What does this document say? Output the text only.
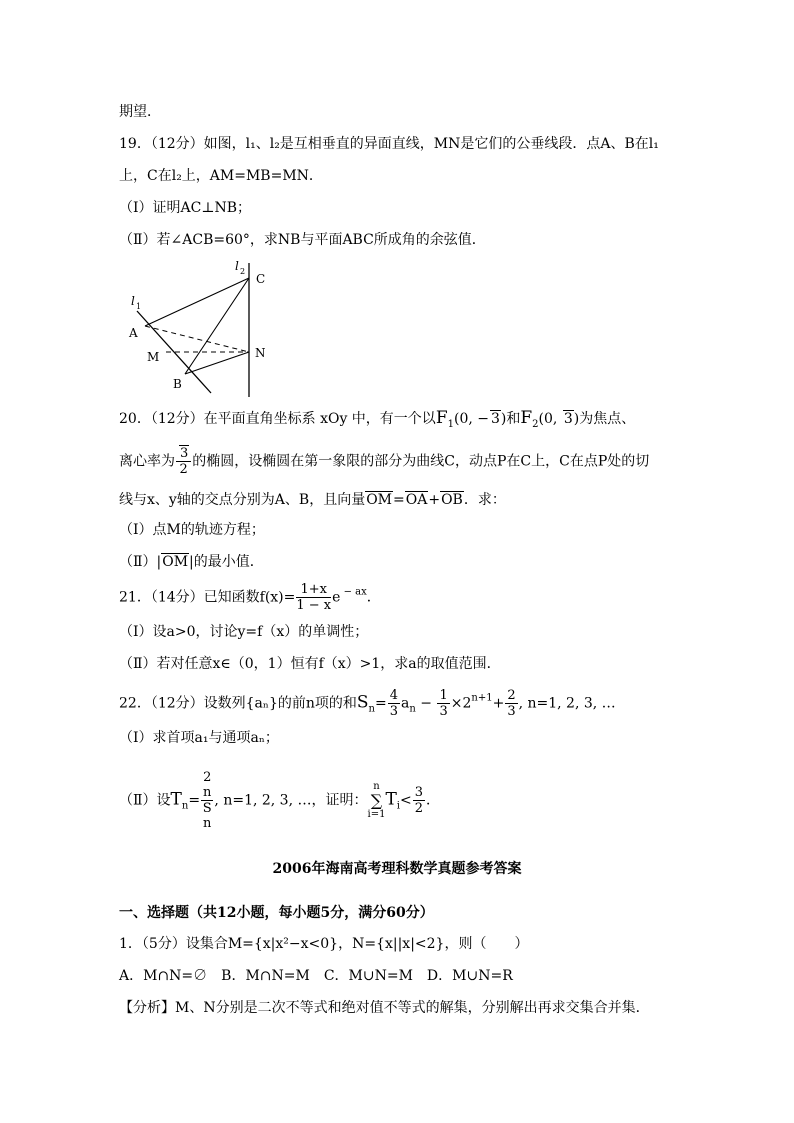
期望．
19．（12分）如图，l₁、l₂是互相垂直的异面直线，MN是它们的公垂线段．点A、B在l₁
上，C在l₂上，AM=MB=MN．
（Ⅰ）证明AC⊥NB；
（Ⅱ）若∠ACB=60°，求NB与平面ABC所成角的余弦值．
l 2
l 1
C
A
M	N
B
20．（12分）在平面直角坐标系 xOy 中，有一个以$F_1(0$, − 3)和$F_2(0$, 3)为焦点、
离心率为 $\frac{3}{2}$ 的椭圆，设椭圆在第一象限的部分为曲线C，动点P在C上，C在点P处的切
线与x、y轴的交点分别为A、B，且向量OM=OA+OB．求：
（Ⅰ）点M的轨迹方程；
（Ⅱ）|OM|的最小值．
21．（14分）已知函数$f(x)= \frac{1+x}{1 - x}$ e $^{- ax}$．
（Ⅰ）设a>0，讨论y=f（x）的单调性；
（Ⅱ）若对任意x∈（0，1）恒有f（x）>1，求a的取值范围．
22．（12分）设数列{aₙ}的前n项的和$S_n= \frac{4}{3} a_n - \frac{1}{3} \times 2^{n+1}+ \frac{2}{3}$ , n=1, 2, 3, …
（Ⅰ）求首项a₁与通项aₙ；
（Ⅱ）设$T_n= 2$
n
S
n , n=1, 2, 3, …，证明：
n
∑
i=1
$T_i< \frac{3}{2}$ ．
2006年海南高考理科数学真题参考答案
一、选择题（共12小题，每小题5分，满分60分）
1．（5分）设集合M={x|x²−x<0}，N={x||x|<2}，则（　　）
A．M∩N=∅　B．M∩N=M　C．M∪N=M　D．M∪N=R
【分析】M、N分别是二次不等式和绝对值不等式的解集，分别解出再求交集合并集．
